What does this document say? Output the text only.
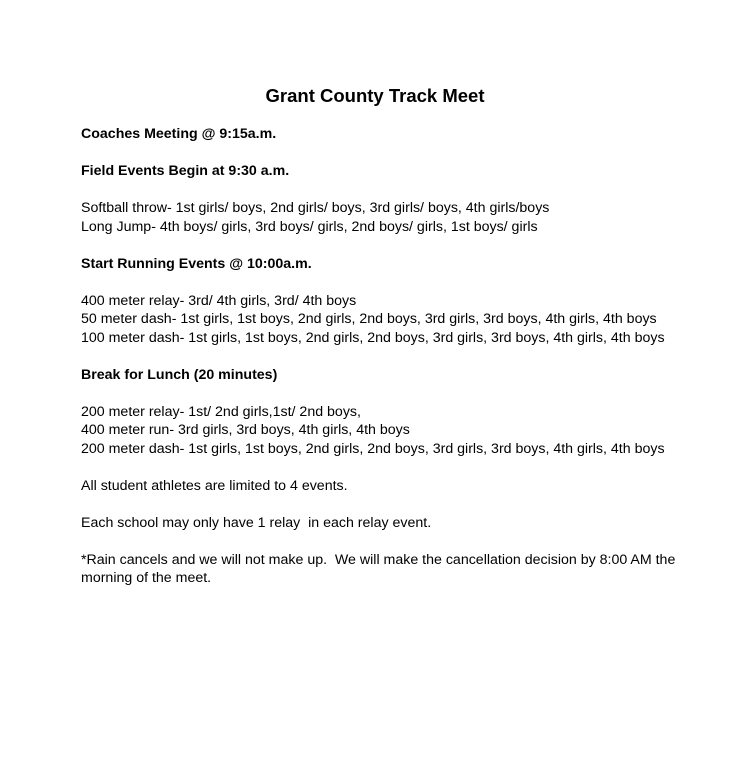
Grant County Track Meet

Coaches Meeting @ 9:15a.m.

Field Events Begin at 9:30 a.m.

Softball throw- 1st girls/ boys, 2nd girls/ boys, 3rd girls/ boys, 4th girls/boys
Long Jump- 4th boys/ girls, 3rd boys/ girls, 2nd boys/ girls, 1st boys/ girls

Start Running Events @ 10:00a.m.

400 meter relay- 3rd/ 4th girls, 3rd/ 4th boys
50 meter dash- 1st girls, 1st boys, 2nd girls, 2nd boys, 3rd girls, 3rd boys, 4th girls, 4th boys
100 meter dash- 1st girls, 1st boys, 2nd girls, 2nd boys, 3rd girls, 3rd boys, 4th girls, 4th boys

Break for Lunch (20 minutes)

200 meter relay- 1st/ 2nd girls,1st/ 2nd boys,
400 meter run- 3rd girls, 3rd boys, 4th girls, 4th boys
200 meter dash- 1st girls, 1st boys, 2nd girls, 2nd boys, 3rd girls, 3rd boys, 4th girls, 4th boys

All student athletes are limited to 4 events.

Each school may only have 1 relay  in each relay event.

*Rain cancels and we will not make up.  We will make the cancellation decision by 8:00 AM the morning of the meet.
